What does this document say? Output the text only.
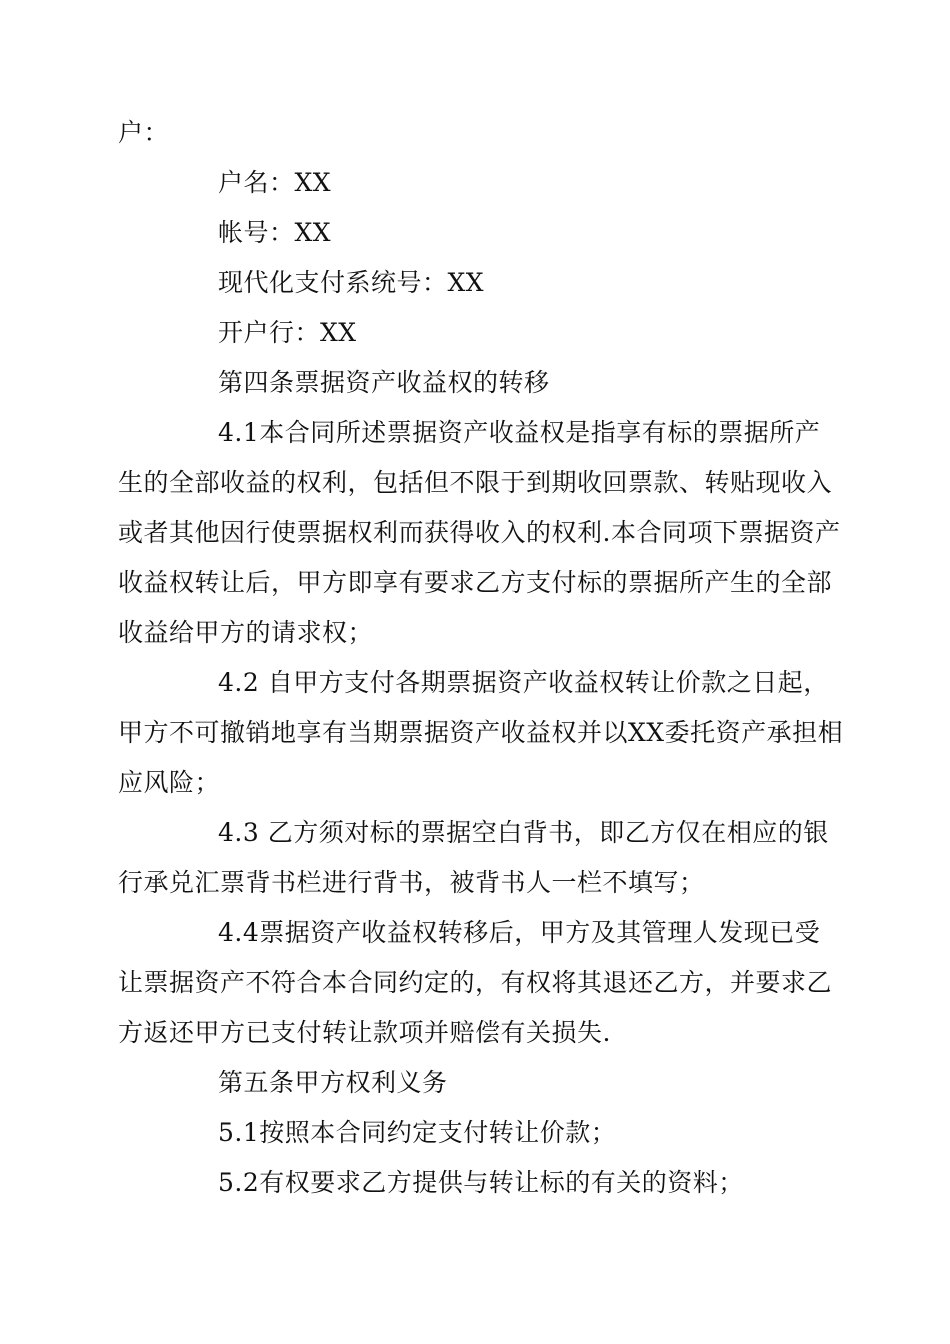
户：
户名：XX
帐号：XX
现代化支付系统号：XX
开户行：XX
第四条票据资产收益权的转移
4.1本合同所述票据资产收益权是指享有标的票据所产
生的全部收益的权利，包括但不限于到期收回票款、转贴现收入
或者其他因行使票据权利而获得收入的权利.本合同项下票据资产
收益权转让后，甲方即享有要求乙方支付标的票据所产生的全部
收益给甲方的请求权；
4.2 自甲方支付各期票据资产收益权转让价款之日起，
甲方不可撤销地享有当期票据资产收益权并以XX委托资产承担相
应风险；
4.3 乙方须对标的票据空白背书，即乙方仅在相应的银
行承兑汇票背书栏进行背书，被背书人一栏不填写；
4.4票据资产收益权转移后，甲方及其管理人发现已受
让票据资产不符合本合同约定的，有权将其退还乙方，并要求乙
方返还甲方已支付转让款项并赔偿有关损失.
第五条甲方权利义务
5.1按照本合同约定支付转让价款；
5.2有权要求乙方提供与转让标的有关的资料；
